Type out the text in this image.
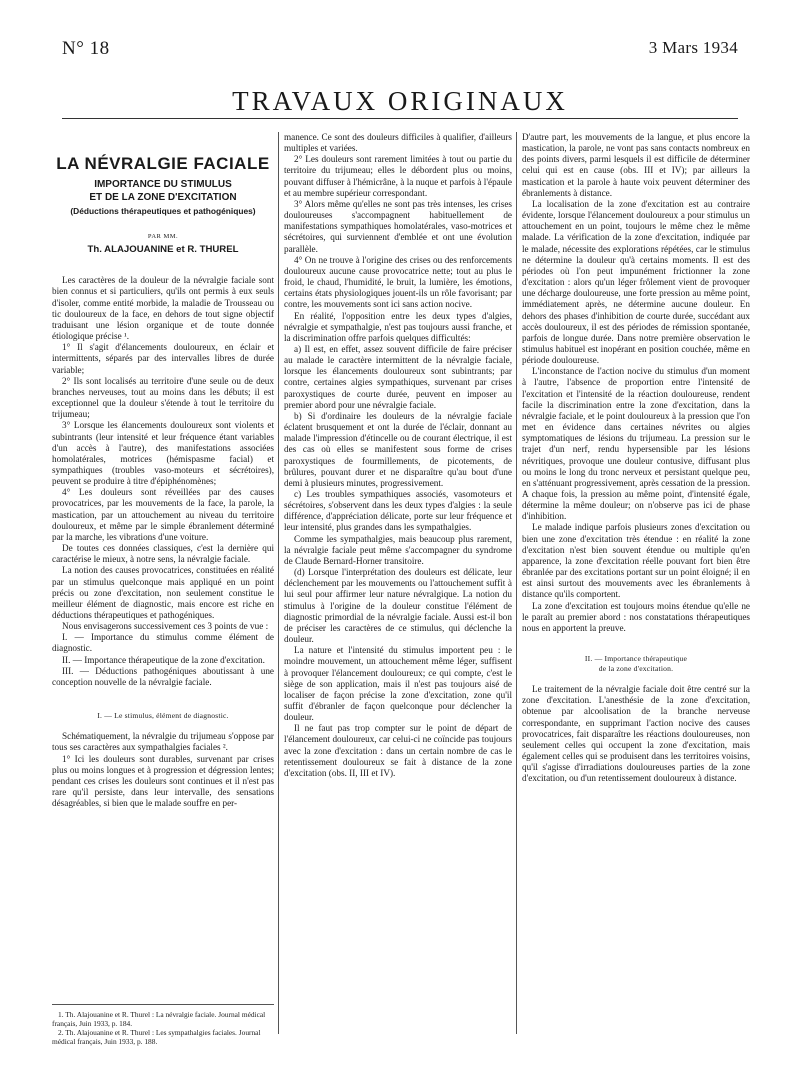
N° 18	3 Mars 1934
TRAVAUX ORIGINAUX
LA NÉVRALGIE FACIALE
IMPORTANCE DU STIMULUS
ET DE LA ZONE D'EXCITATION
(Déductions thérapeutiques et pathogéniques)
PAR MM.
Th. ALAJOUANINE et R. THUREL

Les caractères de la douleur de la névralgie faciale sont bien connus et si particuliers, qu'ils ont permis à eux seuls d'isoler, comme entité morbide, la maladie de Trousseau ou tic douloureux de la face, en dehors de tout signe objectif traduisant une lésion organique et de toute donnée étiologique précise ¹.

1° Il s'agit d'élancements douloureux, en éclair et intermittents, séparés par des intervalles libres de durée variable;

2° Ils sont localisés au territoire d'une seule ou de deux branches nerveuses, tout au moins dans les débuts; il est exceptionnel que la douleur s'étende à tout le territoire du trijumeau;

3° Lorsque les élancements douloureux sont violents et subintrants (leur intensité et leur fréquence étant variables d'un accès à l'autre), des manifestations associées homolatérales, motrices (hémispasme facial) et sympathiques (troubles vaso-moteurs et sécrétoires), peuvent se produire à titre d'épiphénomènes;

4° Les douleurs sont réveillées par des causes provocatrices, par les mouvements de la face, la parole, la mastication, par un attouchement au niveau du territoire douloureux, et même par le simple ébranlement déterminé par la marche, les vibrations d'une voiture.

De toutes ces données classiques, c'est la dernière qui caractérise le mieux, à notre sens, la névralgie faciale.

La notion des causes provocatrices, constituées en réalité par un stimulus quelconque mais appliqué en un point précis ou zone d'excitation, non seulement constitue le meilleur élément de diagnostic, mais encore est riche en déductions thérapeutiques et pathogéniques.

Nous envisagerons successivement ces 3 points de vue :

I. — Importance du stimulus comme élément de diagnostic.

II. — Importance thérapeutique de la zone d'excitation.

III. — Déductions pathogéniques aboutissant à une conception nouvelle de la névralgie faciale.

I. — Le stimulus, élément de diagnostic.

Schématiquement, la névralgie du trijumeau s'oppose par tous ses caractères aux sympathalgies faciales ².

1° Ici les douleurs sont durables, survenant par crises plus ou moins longues et à progression et dégression lentes; pendant ces crises les douleurs sont continues et il n'est pas rare qu'il persiste, dans leur intervalle, des sensations désagréables, si bien que le malade souffre en per-

1. Th. Alajouanine et R. Thurel : La névralgie faciale. Journal médical français, Juin 1933, p. 184.
2. Th. Alajouanine et R. Thurel : Les sympathalgies faciales. Journal médical français, Juin 1933, p. 188.

manence. Ce sont des douleurs difficiles à qualifier, d'ailleurs multiples et variées.

2° Les douleurs sont rarement limitées à tout ou partie du territoire du trijumeau; elles le débordent plus ou moins, pouvant diffuser à l'hémicrâne, à la nuque et parfois à l'épaule et au membre supérieur correspondant.

3° Alors même qu'elles ne sont pas très intenses, les crises douloureuses s'accompagnent habituellement de manifestations sympathiques homolatérales, vaso-motrices et sécrétoires, qui surviennent d'emblée et ont une évolution parallèle.

4° On ne trouve à l'origine des crises ou des renforcements douloureux aucune cause provocatrice nette; tout au plus le froid, le chaud, l'humidité, le bruit, la lumière, les émotions, certains états physiologiques jouent-ils un rôle favorisant; par contre, les mouvements sont ici sans action nocive.

En réalité, l'opposition entre les deux types d'algies, névralgie et sympathalgie, n'est pas toujours aussi franche, et la discrimination offre parfois quelques difficultés:

a) Il est, en effet, assez souvent difficile de faire préciser au malade le caractère intermittent de la névralgie faciale, lorsque les élancements douloureux sont subintrants; par contre, certaines algies sympathiques, survenant par crises paroxystiques de courte durée, peuvent en imposer au premier abord pour une névralgie faciale.

b) Si d'ordinaire les douleurs de la névralgie faciale éclatent brusquement et ont la durée de l'éclair, donnant au malade l'impression d'étincelle ou de courant électrique, il est des cas où elles se manifestent sous forme de crises paroxystiques de fourmillements, de picotements, de brûlures, pouvant durer et ne disparaître qu'au bout d'une demi à plusieurs minutes, progressivement.

c) Les troubles sympathiques associés, vasomoteurs et sécrétoires, s'observent dans les deux types d'algies : la seule différence, d'appréciation délicate, porte sur leur fréquence et leur intensité, plus grandes dans les sympathalgies.

Comme les sympathalgies, mais beaucoup plus rarement, la névralgie faciale peut même s'accompagner du syndrome de Claude Bernard-Horner transitoire.

(d) Lorsque l'interprétation des douleurs est délicate, leur déclenchement par les mouvements ou l'attouchement suffit à lui seul pour affirmer leur nature névralgique. La notion du stimulus à l'origine de la douleur constitue l'élément de diagnostic primordial de la névralgie faciale. Aussi est-il bon de préciser les caractères de ce stimulus, qui déclenche la douleur.

La nature et l'intensité du stimulus importent peu : le moindre mouvement, un attouchement même léger, suffisent à provoquer l'élancement douloureux; ce qui compte, c'est le siège de son application, mais il n'est pas toujours aisé de localiser de façon précise la zone d'excitation, zone qu'il suffit d'ébranler de façon quelconque pour déclencher la douleur.

Il ne faut pas trop compter sur le point de départ de l'élancement douloureux, car celui-ci ne coïncide pas toujours avec la zone d'excitation : dans un certain nombre de cas le retentissement douloureux se fait à distance de la zone d'excitation (obs. II, III et IV).

D'autre part, les mouvements de la langue, et plus encore la mastication, la parole, ne vont pas sans contacts nombreux en des points divers, parmi lesquels il est difficile de déterminer celui qui est en cause (obs. III et IV); par ailleurs la mastication et la parole à haute voix peuvent déterminer des ébranlements à distance.

La localisation de la zone d'excitation est au contraire évidente, lorsque l'élancement douloureux a pour stimulus un attouchement en un point, toujours le même chez le même malade. La vérification de la zone d'excitation, indiquée par le malade, nécessite des explorations répétées, car le stimulus ne détermine la douleur qu'à certains moments. Il est des périodes où l'on peut impunément frictionner la zone d'excitation : alors qu'un léger frôlement vient de provoquer une décharge douloureuse, une forte pression au même point, immédiatement après, ne détermine aucune douleur. En dehors des phases d'inhibition de courte durée, succédant aux accès douloureux, il est des périodes de rémission spontanée, parfois de longue durée. Dans notre première observation le stimulus habituel est inopérant en position couchée, même en période douloureuse.

L'inconstance de l'action nocive du stimulus d'un moment à l'autre, l'absence de proportion entre l'intensité de l'excitation et l'intensité de la réaction douloureuse, rendent facile la discrimination entre la zone d'excitation, dans la névralgie faciale, et le point douloureux à la pression que l'on met en évidence dans certaines névrites ou algies symptomatiques de lésions du trijumeau. La pression sur le trajet d'un nerf, rendu hypersensible par les lésions névritiques, provoque une douleur contusive, diffusant plus ou moins le long du tronc nerveux et persistant quelque peu, en s'atténuant progressivement, après cessation de la pression. A chaque fois, la pression au même point, d'intensité égale, détermine la même douleur; on n'observe pas ici de phase d'inhibition.

Le malade indique parfois plusieurs zones d'excitation ou bien une zone d'excitation très étendue : en réalité la zone d'excitation n'est bien souvent étendue ou multiple qu'en apparence, la zone d'excitation réelle pouvant fort bien être ébranlée par des excitations portant sur un point éloigné; il en est ainsi surtout des mouvements avec les ébranlements à distance qu'ils comportent.

La zone d'excitation est toujours moins étendue qu'elle ne le paraît au premier abord : nos constatations thérapeutiques nous en apportent la preuve.

II. — Importance thérapeutique
de la zone d'excitation.

Le traitement de la névralgie faciale doit être centré sur la zone d'excitation. L'anesthésie de la zone d'excitation, obtenue par alcoolisation de la branche nerveuse correspondante, en supprimant l'action nocive des causes provocatrices, fait disparaître les réactions douloureuses, non seulement celles qui occupent la zone d'excitation, mais également celles qui se produisent dans les territoires voisins, qu'il s'agisse d'irradiations douloureuses parties de la zone d'excitation, ou d'un retentissement douloureux à distance.
